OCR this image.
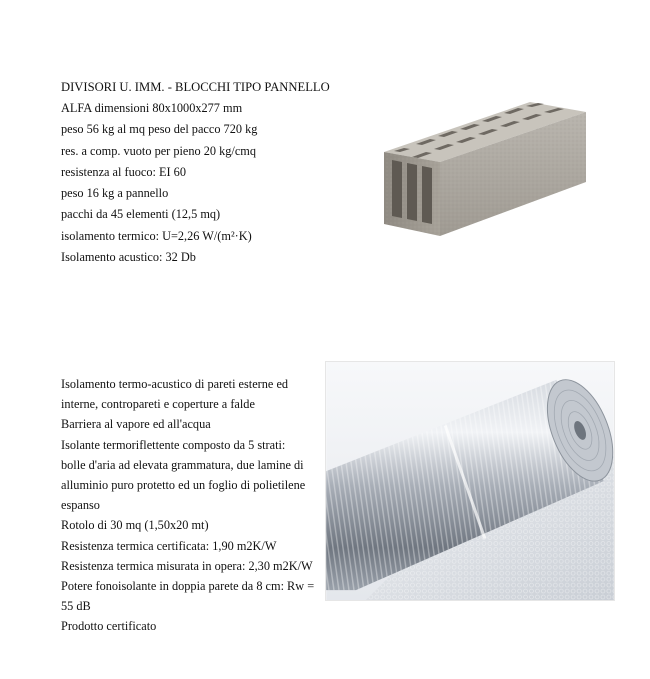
DIVISORI U. IMM. - BLOCCHI TIPO PANNELLO
ALFA dimensioni 80x1000x277 mm
peso 56 kg al mq peso del pacco 720 kg
res. a comp. vuoto per pieno 20 kg/cmq
resistenza al fuoco: EI 60
peso 16 kg a pannello
pacchi da 45 elementi (12,5 mq)
isolamento termico: U=2,26 W/(m²·K)
Isolamento acustico: 32 Db
Isolamento termo-acustico di pareti esterne ed
interne, contropareti e coperture a falde
Barriera al vapore ed all'acqua
Isolante termoriflettente composto da 5 strati:
bolle d'aria ad elevata grammatura, due lamine di
alluminio puro protetto ed un foglio di polietilene
espanso
Rotolo di 30 mq (1,50x20 mt)
Resistenza termica certificata: 1,90 m2K/W
Resistenza termica misurata in opera: 2,30 m2K/W
Potere fonoisolante in doppia parete da 8 cm: Rw =
55 dB
Prodotto certificato
